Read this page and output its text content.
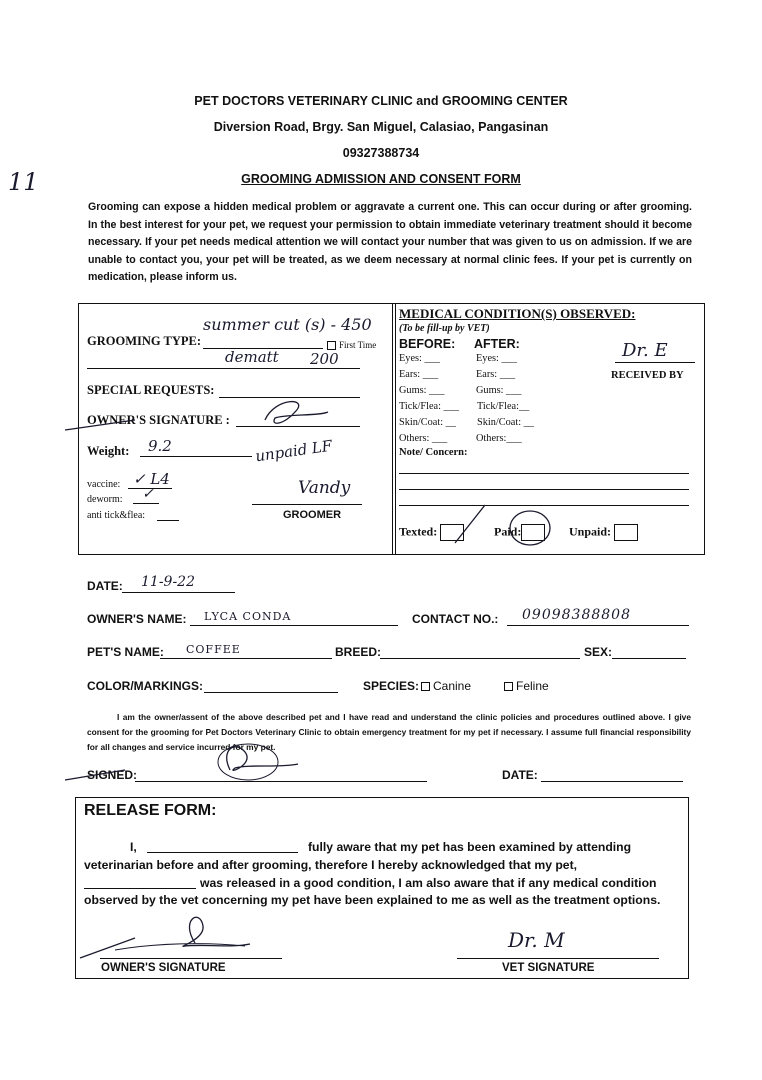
PET DOCTORS VETERINARY CLINIC and GROOMING CENTER
Diversion Road, Brgy. San Miguel, Calasiao, Pangasinan
09327388734
GROOMING ADMISSION AND CONSENT FORM
11
Grooming can expose a hidden medical problem or aggravate a current one. This can occur during or after grooming. In the best interest for your pet, we request your permission to obtain immediate veterinary treatment should it become necessary. If your pet needs medical attention we will contact your number that was given to us on admission. If we are unable to contact you, your pet will be treated, as we deem necessary at normal clinic fees. If your pet is currently on medication, please inform us.
GROOMING TYPE:
summer cut (s) - 450
First Time
dematt 200
SPECIAL REQUESTS:
OWNER'S SIGNATURE :
Weight: 9.2
vaccine: ✓ L4
deworm: ✓
anti tick&flea:
unpaid LF
Vandy
GROOMER
MEDICAL CONDITION(S) OBSERVED:
(To be fill-up by VET)
BEFORE: AFTER:	Dr. E
RECEIVED BY
Eyes: ___	Eyes: ___
Ears: ___	Ears: ___
Gums: ___	Gums: ___
Tick/Flea: ___ Tick/Flea:__
Skin/Coat: __ Skin/Coat: __
Others: ___	Others:___
Note/ Concern:
Texted:	Paid:	Unpaid:
DATE: 11-9-22
OWNER'S NAME: LYCA CONDA	CONTACT NO.: 09098388808
PET'S NAME: COFFEE	BREED:	SEX:
COLOR/MARKINGS:	SPECIES:	Canine	Feline
I am the owner/assent of the above described pet and I have read and understand the clinic policies and procedures outlined above. I give consent for the grooming for Pet Doctors Veterinary Clinic to obtain emergency treatment for my pet if necessary. I assume full financial responsibility for all changes and service incurred for my pet.
SIGNED:	DATE:
RELEASE FORM:
I,	fully aware that my pet has been examined by attending
veterinarian before and after grooming, therefore I hereby acknowledged that my pet,
was released in a good condition, I am also aware that if any medical condition
observed by the vet concerning my pet have been explained to me as well as the treatment options.
OWNER'S SIGNATURE
Dr. M
VET SIGNATURE
